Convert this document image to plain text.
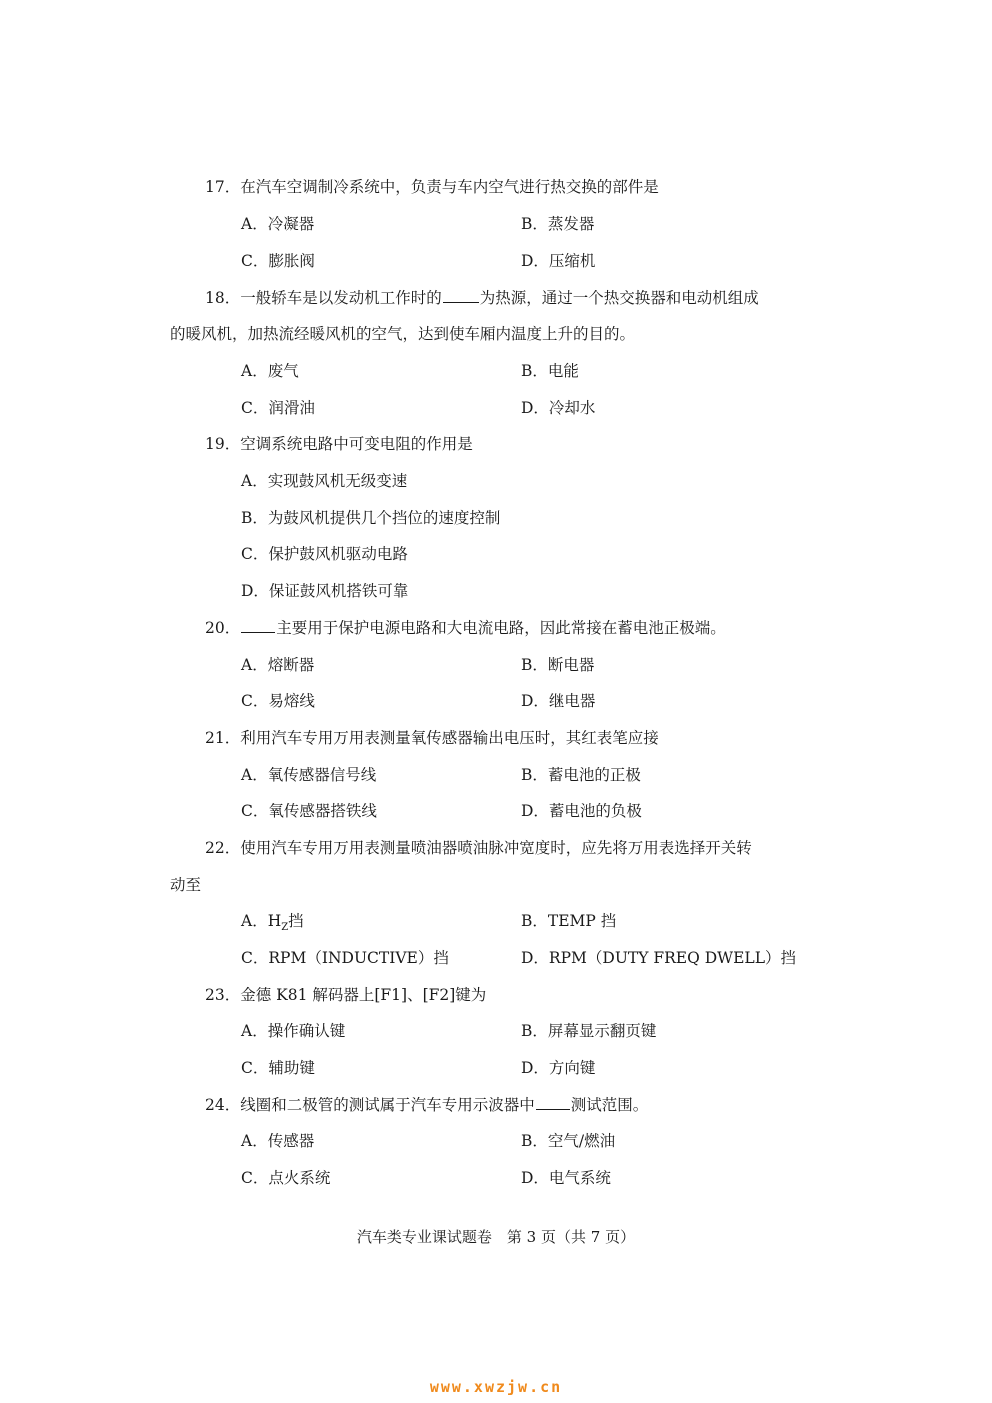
17．在汽车空调制冷系统中，负责与车内空气进行热交换的部件是
A．冷凝器	B．蒸发器
C．膨胀阀	D．压缩机
18．一般轿车是以发动机工作时的 为热源，通过一个热交换器和电动机组成
的暖风机，加热流经暖风机的空气，达到使车厢内温度上升的目的。
A．废气	B．电能
C．润滑油	D．冷却水
19．空调系统电路中可变电阻的作用是
A．实现鼓风机无级变速
B．为鼓风机提供几个挡位的速度控制
C．保护鼓风机驱动电路
D．保证鼓风机搭铁可靠
20． 主要用于保护电源电路和大电流电路，因此常接在蓄电池正极端。
A．熔断器	B．断电器
C．易熔线	D．继电器
21．利用汽车专用万用表测量氧传感器输出电压时，其红表笔应接
A．氧传感器信号线	B．蓄电池的正极
C．氧传感器搭铁线	D．蓄电池的负极
22．使用汽车专用万用表测量喷油器喷油脉冲宽度时，应先将万用表选择开关转
动至
A．$H_Z$挡	B．TEMP 挡
C．RPM（INDUCTIVE）挡	D．RPM（DUTY FREQ DWELL）挡
23．金德 K81 解码器上[F1]、[F2]键为
A．操作确认键	B．屏幕显示翻页键
C．辅助键	D．方向键
24．线圈和二极管的测试属于汽车专用示波器中 测试范围。
A．传感器	B．空气/燃油
C．点火系统	D．电气系统
汽车类专业课试题卷　第 3 页（共 7 页）
www.xwzjw.cn
